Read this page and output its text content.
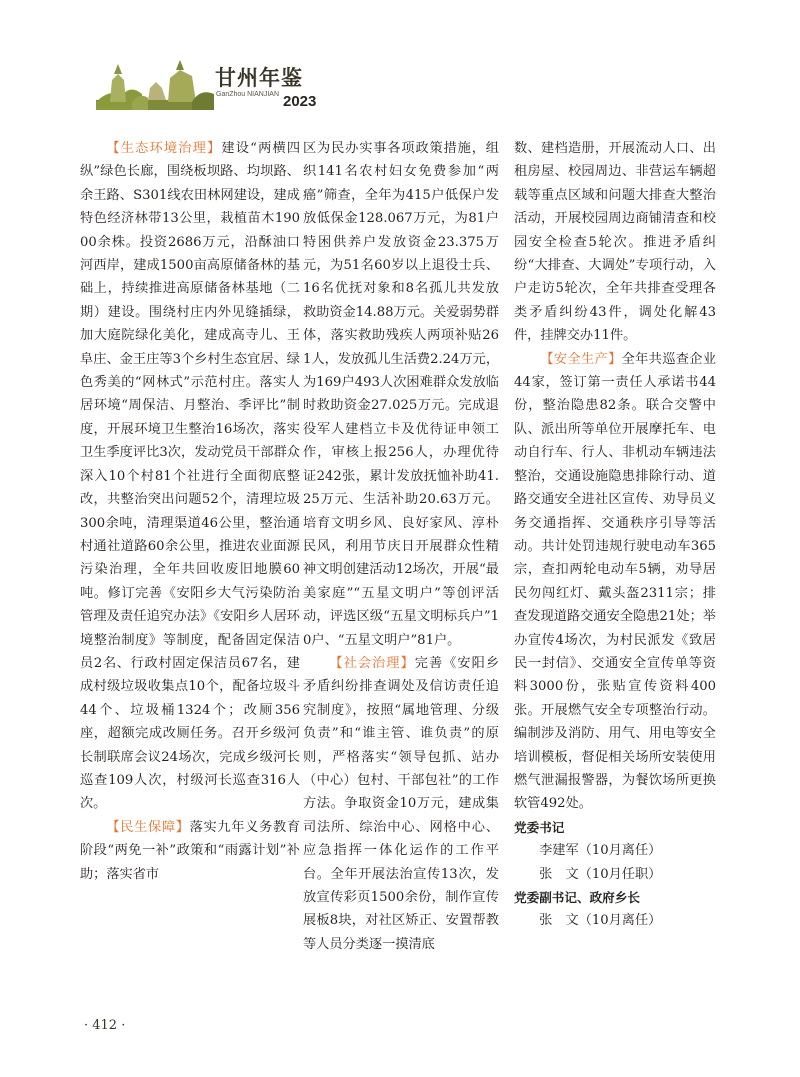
甘州年鉴
GanZhou NIANJIAN 2023

【生态环境治理】建设“两横四纵”绿色长廊，围绕板坝路、均坝路、余王路、S301线农田林网建设，建成特色经济林带13公里，栽植苗木19000余株。投资2686万元，沿酥油口河西岸，建成1500亩高原储备林的基础上，持续推进高原储备林基地（二期）建设。围绕村庄内外见缝插绿，加大庭院绿化美化，建成高寺儿、王阜庄、金王庄等3个乡村生态宜居、绿色秀美的“网林式”示范村庄。落实人居环境“周保洁、月整治、季评比”制度，开展环境卫生整治16场次，落实卫生季度评比3次，发动党员干部群众深入10个村81个社进行全面彻底整改，共整治突出问题52个，清理垃圾300余吨，清理渠道46公里，整治通村通社道路60余公里，推进农业面源污染治理，全年共回收废旧地膜60吨。修订完善《安阳乡大气污染防治管理及责任追究办法》《安阳乡人居环境整治制度》等制度，配备固定保洁员2名、行政村固定保洁员67名，建成村级垃圾收集点10个，配备垃圾斗44个、垃圾桶1324个；改厕356座，超额完成改厕任务。召开乡级河长制联席会议24场次，完成乡级河长巡查109人次，村级河长巡查316人次。

【民生保障】落实九年义务教育阶段“两免一补”政策和“雨露计划”补助；落实省市

区为民办实事各项政策措施，组织141名农村妇女免费参加“两癌”筛查，全年为415户低保户发放低保金128.067万元，为81户特困供养户发放资金23.375万元，为51名60岁以上退役士兵、16名优抚对象和8名孤儿共发放救助资金14.88万元。关爱弱势群体，落实救助残疾人两项补贴261人，发放孤儿生活费2.24万元，为169户493人次困难群众发放临时救助资金27.025万元。完成退役军人建档立卡及优待证申领工作，审核上报256人，办理优待证242张，累计发放抚恤补助41.25万元、生活补助20.63万元。培育文明乡风、良好家风、淳朴民风，利用节庆日开展群众性精神文明创建活动12场次，开展“最美家庭”“五星文明户”等创评活动，评选区级“五星文明标兵户”10户、“五星文明户”81户。

【社会治理】完善《安阳乡矛盾纠纷排查调处及信访责任追究制度》，按照“属地管理、分级负责”和“谁主管、谁负责”的原则，严格落实“领导包抓、站办（中心）包村、干部包社”的工作方法。争取资金10万元，建成集司法所、综治中心、网格中心、应急指挥一体化运作的工作平台。全年开展法治宣传13次，发放宣传彩页1500余份，制作宣传展板8块，对社区矫正、安置帮教等人员分类逐一摸清底

数、建档造册，开展流动人口、出租房屋、校园周边、非营运车辆超载等重点区域和问题大排查大整治活动，开展校园周边商铺清查和校园安全检查5轮次。推进矛盾纠纷“大排查、大调处”专项行动，入户走访5轮次，全年共排查受理各类矛盾纠纷43件，调处化解43件，挂牌交办11件。

【安全生产】全年共巡查企业44家，签订第一责任人承诺书44份，整治隐患82条。联合交警中队、派出所等单位开展摩托车、电动自行车、行人、非机动车辆违法整治，交通设施隐患排除行动、道路交通安全进社区宣传、劝导员义务交通指挥、交通秩序引导等活动。共计处罚违规行驶电动车365宗，查扣两轮电动车5辆，劝导居民勿闯红灯、戴头盔2311宗；排查发现道路交通安全隐患21处；举办宣传4场次，为村民派发《致居民一封信》、交通安全宣传单等资料3000份，张贴宣传资料400张。开展燃气安全专项整治行动。编制涉及消防、用气、用电等安全培训模板，督促相关场所安装使用燃气泄漏报警器，为餐饮场所更换软管492处。

党委书记

李建军（10月离任）

张　文（10月任职）

党委副书记、政府乡长

张　文（10月离任）

· 412 ·
